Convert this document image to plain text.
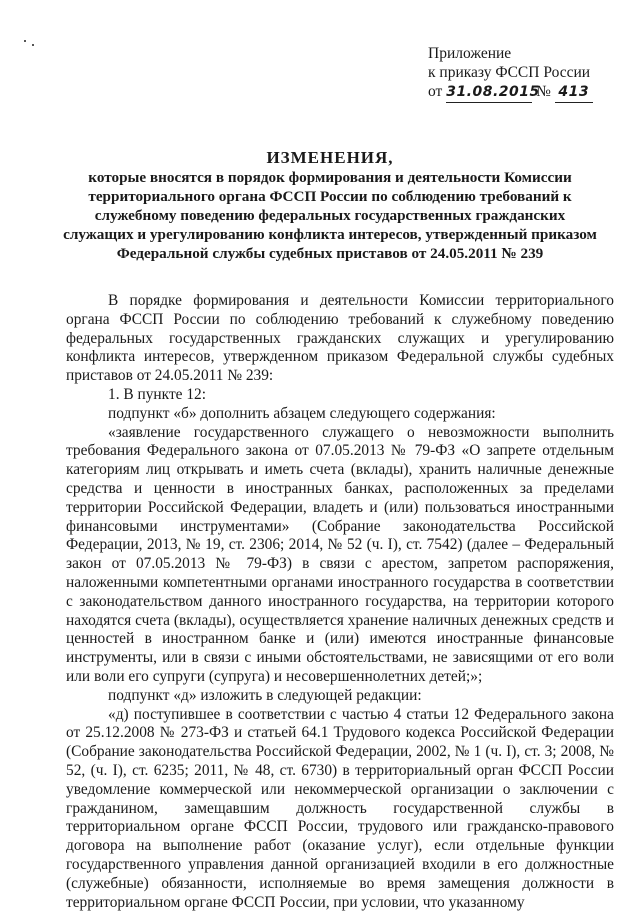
Приложение
к приказу ФССП России
от 31.08.2015 № 413
ИЗМЕНЕНИЯ,
которые вносятся в порядок формирования и деятельности Комиссии территориального органа ФССП России по соблюдению требований к служебному поведению федеральных государственных гражданских служащих и урегулированию конфликта интересов, утвержденный приказом Федеральной службы судебных приставов от 24.05.2011 № 239

В порядке формирования и деятельности Комиссии территориального органа ФССП России по соблюдению требований к служебному поведению федеральных государственных гражданских служащих и урегулированию конфликта интересов, утвержденном приказом Федеральной службы судебных приставов от 24.05.2011 № 239:

1. В пункте 12:

подпункт «б» дополнить абзацем следующего содержания:

«заявление государственного служащего о невозможности выполнить требования Федерального закона от 07.05.2013 № 79-ФЗ «О запрете отдельным категориям лиц открывать и иметь счета (вклады), хранить наличные денежные средства и ценности в иностранных банках, расположенных за пределами территории Российской Федерации, владеть и (или) пользоваться иностранными финансовыми инструментами» (Собрание законодательства Российской Федерации, 2013, № 19, ст. 2306; 2014, № 52 (ч. I), ст. 7542) (далее – Федеральный закон от 07.05.2013 № 79-ФЗ) в связи с арестом, запретом распоряжения, наложенными компетентными органами иностранного государства в соответствии с законодательством данного иностранного государства, на территории которого находятся счета (вклады), осуществляется хранение наличных денежных средств и ценностей в иностранном банке и (или) имеются иностранные финансовые инструменты, или в связи с иными обстоятельствами, не зависящими от его воли или воли его супруги (супруга) и несовершеннолетних детей;»;

подпункт «д» изложить в следующей редакции:

«д) поступившее в соответствии с частью 4 статьи 12 Федерального закона от 25.12.2008 № 273-ФЗ и статьей 64.1 Трудового кодекса Российской Федерации (Собрание законодательства Российской Федерации, 2002, № 1 (ч. I), ст. 3; 2008, № 52, (ч. I), ст. 6235; 2011, № 48, ст. 6730) в территориальный орган ФССП России уведомление коммерческой или некоммерческой организации о заключении с гражданином, замещавшим должность государственной службы в территориальном органе ФССП России, трудового или гражданско-правового договора на выполнение работ (оказание услуг), если отдельные функции государственного управления данной организацией входили в его должностные (служебные) обязанности, исполняемые во время замещения должности в территориальном органе ФССП России, при условии, что указанному
